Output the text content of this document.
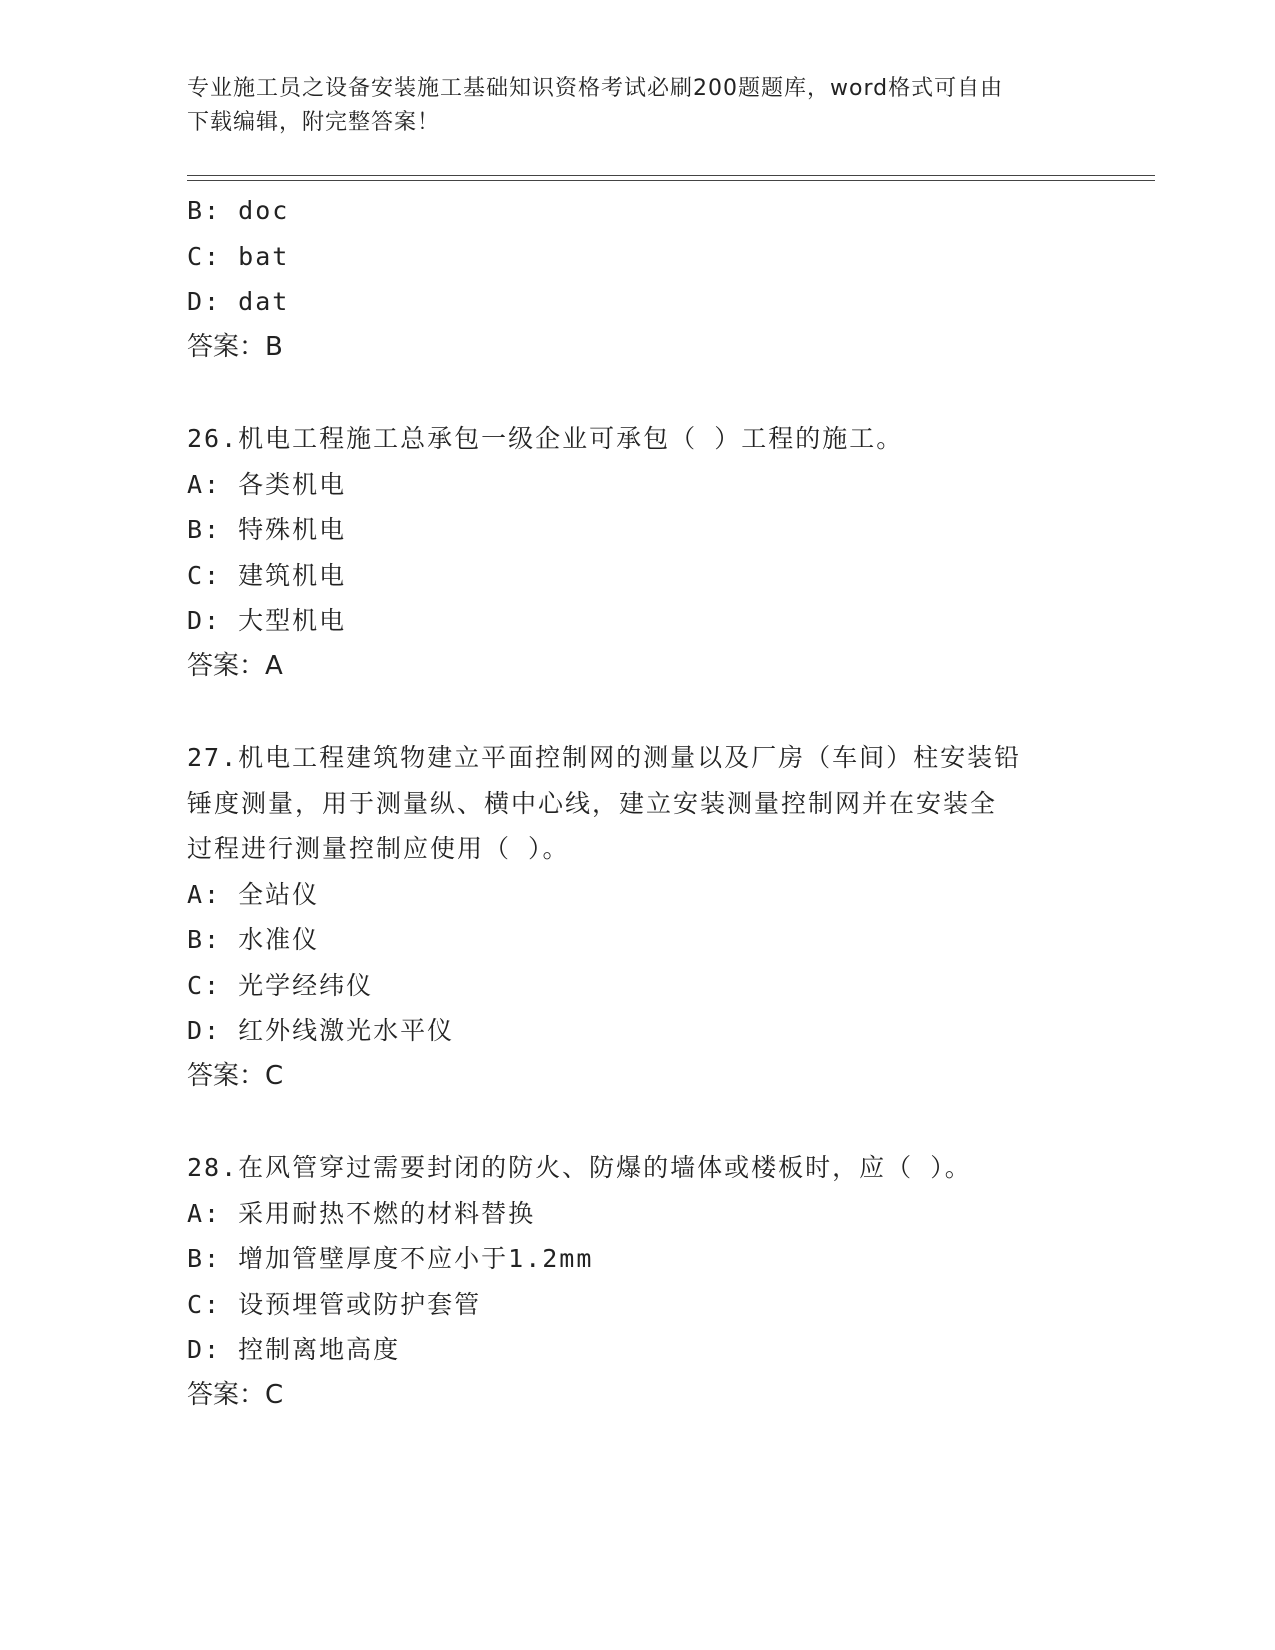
专业施工员之设备安装施工基础知识资格考试必刷200题题库，word格式可自由
下载编辑，附完整答案！
B: doc
C: bat
D: dat
答案：B
26.机电工程施工总承包一级企业可承包（ ）工程的施工。
A: 各类机电
B: 特殊机电
C: 建筑机电
D: 大型机电
答案：A
27.机电工程建筑物建立平面控制网的测量以及厂房（车间）柱安装铅
锤度测量，用于测量纵、横中心线，建立安装测量控制网并在安装全
过程进行测量控制应使用（ ）。
A: 全站仪
B: 水准仪
C: 光学经纬仪
D: 红外线激光水平仪
答案：C
28.在风管穿过需要封闭的防火、防爆的墙体或楼板时，应（ ）。
A: 采用耐热不燃的材料替换
B: 增加管壁厚度不应小于1.2mm
C: 设预埋管或防护套管
D: 控制离地高度
答案：C
